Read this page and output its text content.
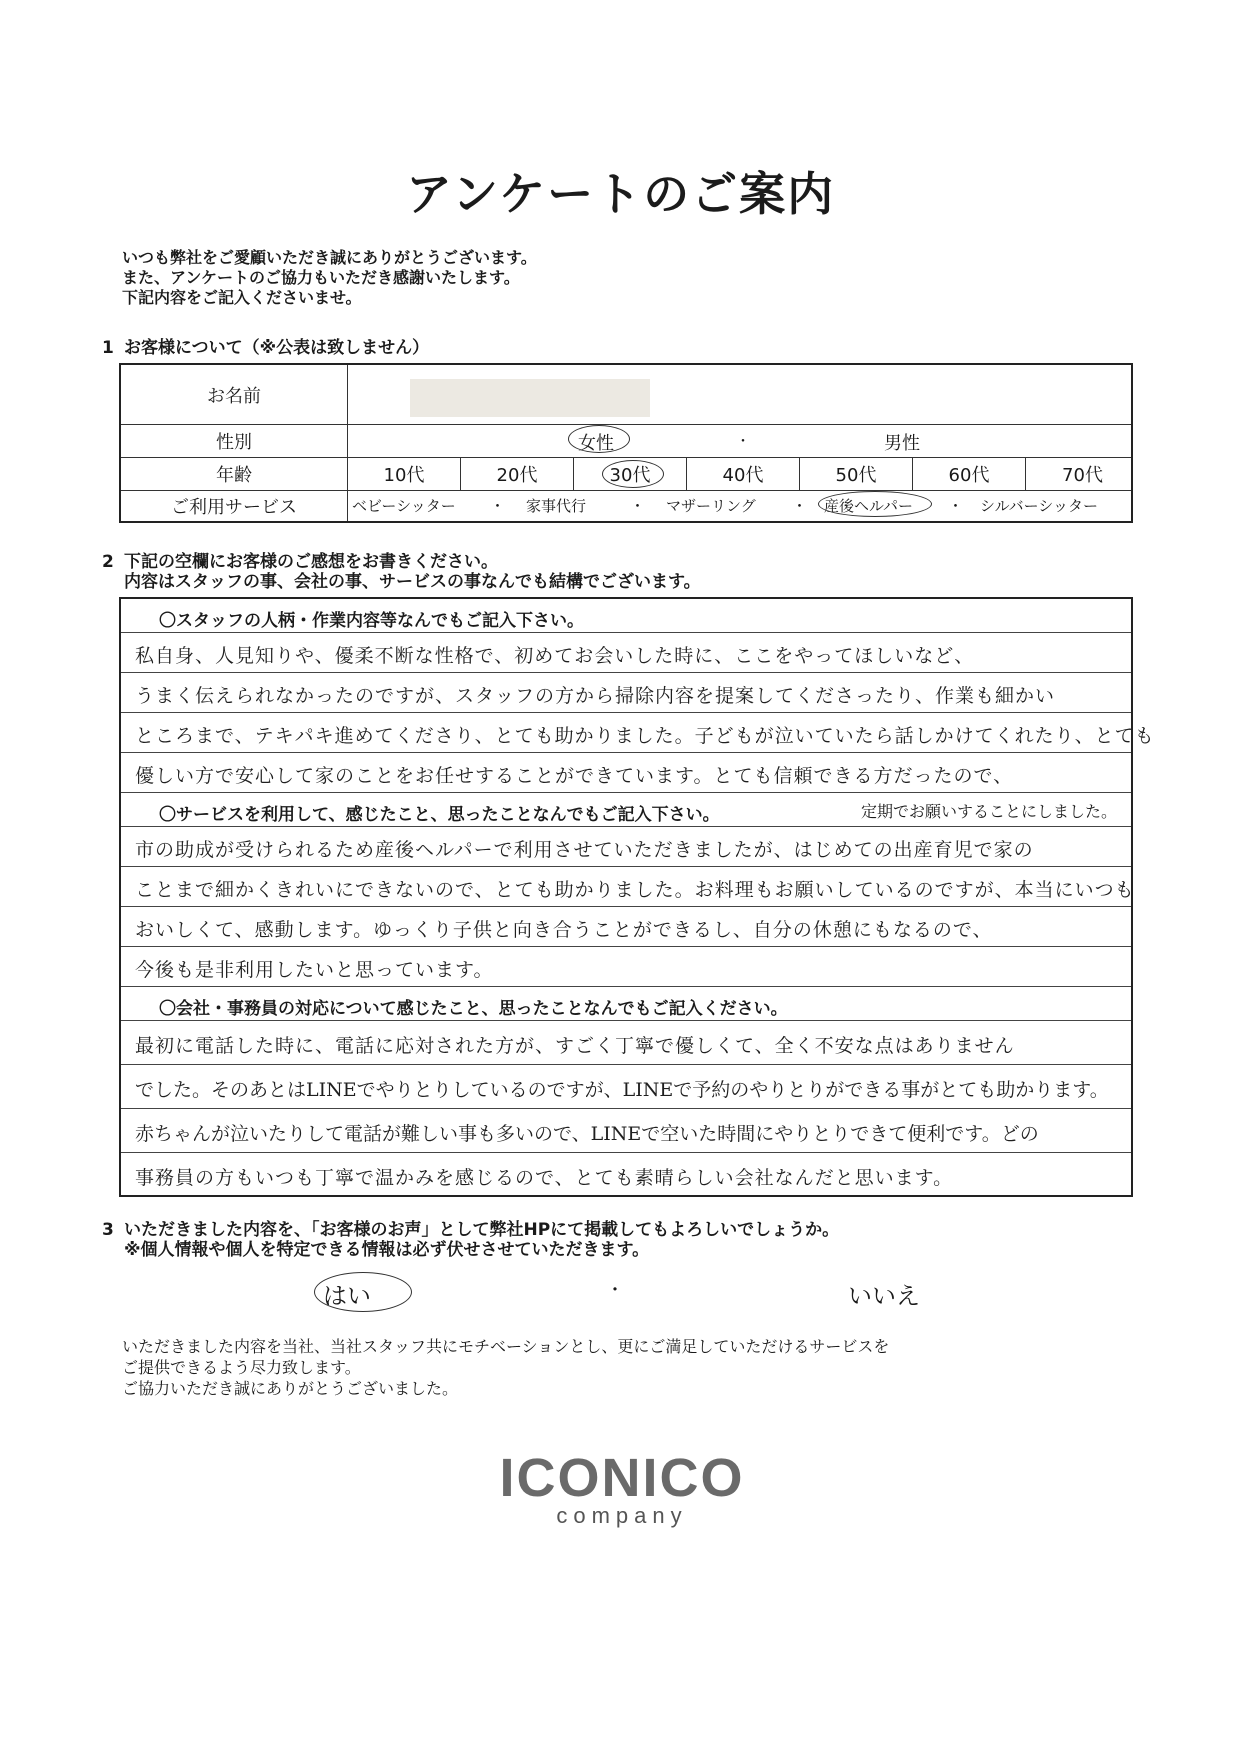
アンケートのご案内
いつも弊社をご愛顧いただき誠にありがとうございます。
また、アンケートのご協力もいただき感謝いたします。
下記内容をご記入くださいませ。
1 お客様について（※公表は致しません）
お名前
性別	女性	・	男性
年齢	10代	20代	30代	40代	50代	60代	70代
ご利用サービス	ベビーシッター ・ 家事代行	・ マザーリング ・ 産後ヘルパー ・ シルバーシッター
2 下記の空欄にお客様のご感想をお書きください。
内容はスタッフの事、会社の事、サービスの事なんでも結構でございます。
〇スタッフの人柄・作業内容等なんでもご記入下さい。
私自身、人見知りや、優柔不断な性格で、初めてお会いした時に、ここをやってほしいなど、
うまく伝えられなかったのですが、スタッフの方から掃除内容を提案してくださったり、作業も細かい
ところまで、テキパキ進めてくださり、とても助かりました。子どもが泣いていたら話しかけてくれたり、とても
優しい方で安心して家のことをお任せすることができています。とても信頼できる方だったので、
〇サービスを利用して、感じたこと、思ったことなんでもご記入下さい。	定期でお願いすることにしました。
市の助成が受けられるため産後ヘルパーで利用させていただきましたが、はじめての出産育児で家の
ことまで細かくきれいにできないので、とても助かりました。お料理もお願いしているのですが、本当にいつも
おいしくて、感動します。ゆっくり子供と向き合うことができるし、自分の休憩にもなるので、
今後も是非利用したいと思っています。
〇会社・事務員の対応について感じたこと、思ったことなんでもご記入ください。
最初に電話した時に、電話に応対された方が、すごく丁寧で優しくて、全く不安な点はありません
でした。そのあとはLINEでやりとりしているのですが、LINEで予約のやりとりができる事がとても助かります。
赤ちゃんが泣いたりして電話が難しい事も多いので、LINEで空いた時間にやりとりできて便利です。どの
事務員の方もいつも丁寧で温かみを感じるので、とても素晴らしい会社なんだと思います。
3 いただきました内容を、「お客様のお声」として弊社HPにて掲載してもよろしいでしょうか。
※個人情報や個人を特定できる情報は必ず伏せさせていただきます。
はい	・	いいえ
いただきました内容を当社、当社スタッフ共にモチベーションとし、更にご満足していただけるサービスを
ご提供できるよう尽力致します。
ご協力いただき誠にありがとうございました。
ICONICO
company
